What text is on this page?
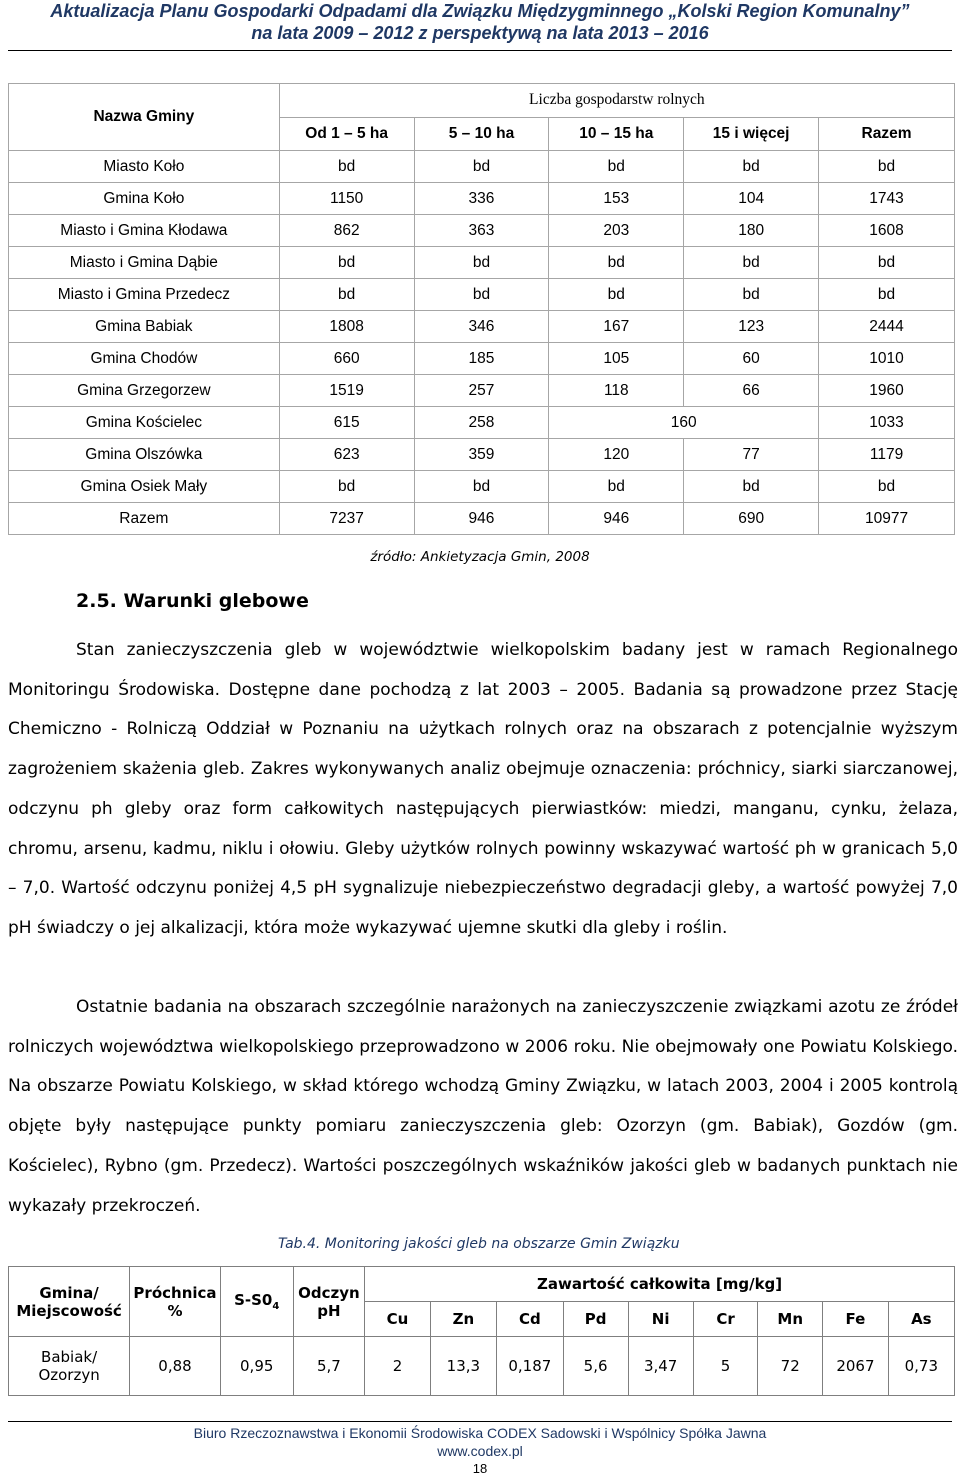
Aktualizacja Planu Gospodarki Odpadami dla Związku Międzygminnego „Kolski Region Komunalny”
na lata 2009 – 2012 z perspektywą na lata 2013 – 2016
Nazwa Gminy	Liczba gospodarstw rolnych				
	Od 1 – 5 ha	5 – 10 ha	10 – 15 ha	15 i więcej	Razem
Miasto Koło	bd	bd	bd	bd	bd
Gmina Koło	1150	336	153	104	1743
Miasto i Gmina Kłodawa	862	363	203	180	1608
Miasto i Gmina Dąbie	bd	bd	bd	bd	bd
Miasto i Gmina Przedecz	bd	bd	bd	bd	bd
Gmina Babiak	1808	346	167	123	2444
Gmina Chodów	660	185	105	60	1010
Gmina Grzegorzew	1519	257	118	66	1960
Gmina Kościelec	615	258	160		1033
Gmina Olszówka	623	359	120	77	1179
Gmina Osiek Mały	bd	bd	bd	bd	bd
Razem	7237	946	946	690	10977
źródło: Ankietyzacja Gmin, 2008
2.5. Warunki glebowe
Stan zanieczyszczenia gleb w województwie wielkopolskim badany jest w ramach Regionalnego Monitoringu Środowiska. Dostępne dane pochodzą z lat 2003 – 2005. Badania są prowadzone przez Stację Chemiczno - Rolniczą Oddział w Poznaniu na użytkach rolnych oraz na obszarach z potencjalnie wyższym zagrożeniem skażenia gleb. Zakres wykonywanych analiz obejmuje oznaczenia: próchnicy, siarki siarczanowej, odczynu ph gleby oraz form całkowitych następujących pierwiastków: miedzi, manganu, cynku, żelaza, chromu, arsenu, kadmu, niklu i ołowiu. Gleby użytków rolnych powinny wskazywać wartość ph w granicach 5,0 – 7,0. Wartość odczynu poniżej 4,5 pH sygnalizuje niebezpieczeństwo degradacji gleby, a wartość powyżej 7,0 pH świadczy o jej alkalizacji, która może wykazywać ujemne skutki dla gleby i roślin.
Ostatnie badania na obszarach szczególnie narażonych na zanieczyszczenie związkami azotu ze źródeł rolniczych województwa wielkopolskiego przeprowadzono w 2006 roku. Nie obejmowały one Powiatu Kolskiego. Na obszarze Powiatu Kolskiego, w skład którego wchodzą Gminy Związku, w latach 2003, 2004 i 2005 kontrolą objęte były następujące punkty pomiaru zanieczyszczenia gleb: Ozorzyn (gm. Babiak), Gozdów (gm. Kościelec), Rybno (gm. Przedecz). Wartości poszczególnych wskaźników jakości gleb w badanych punktach nie wykazały przekroczeń.
Tab.4. Monitoring jakości gleb na obszarze Gmin Związku
Gmina/ Miejscowość	Próchnica %	$S-S0_4$	Odczyn pH	Zawartość całkowita [mg/kg]								
				Cu	Zn	Cd	Pd	Ni	Cr	Mn	Fe	As
Babiak/ Ozorzyn	0,88	0,95	5,7	2	13,3	0,187	5,6	3,47	5	72	2067	0,73
Biuro Rzeczoznawstwa i Ekonomii Środowiska CODEX Sadowski i Wspólnicy Spółka Jawna
www.codex.pl
18
